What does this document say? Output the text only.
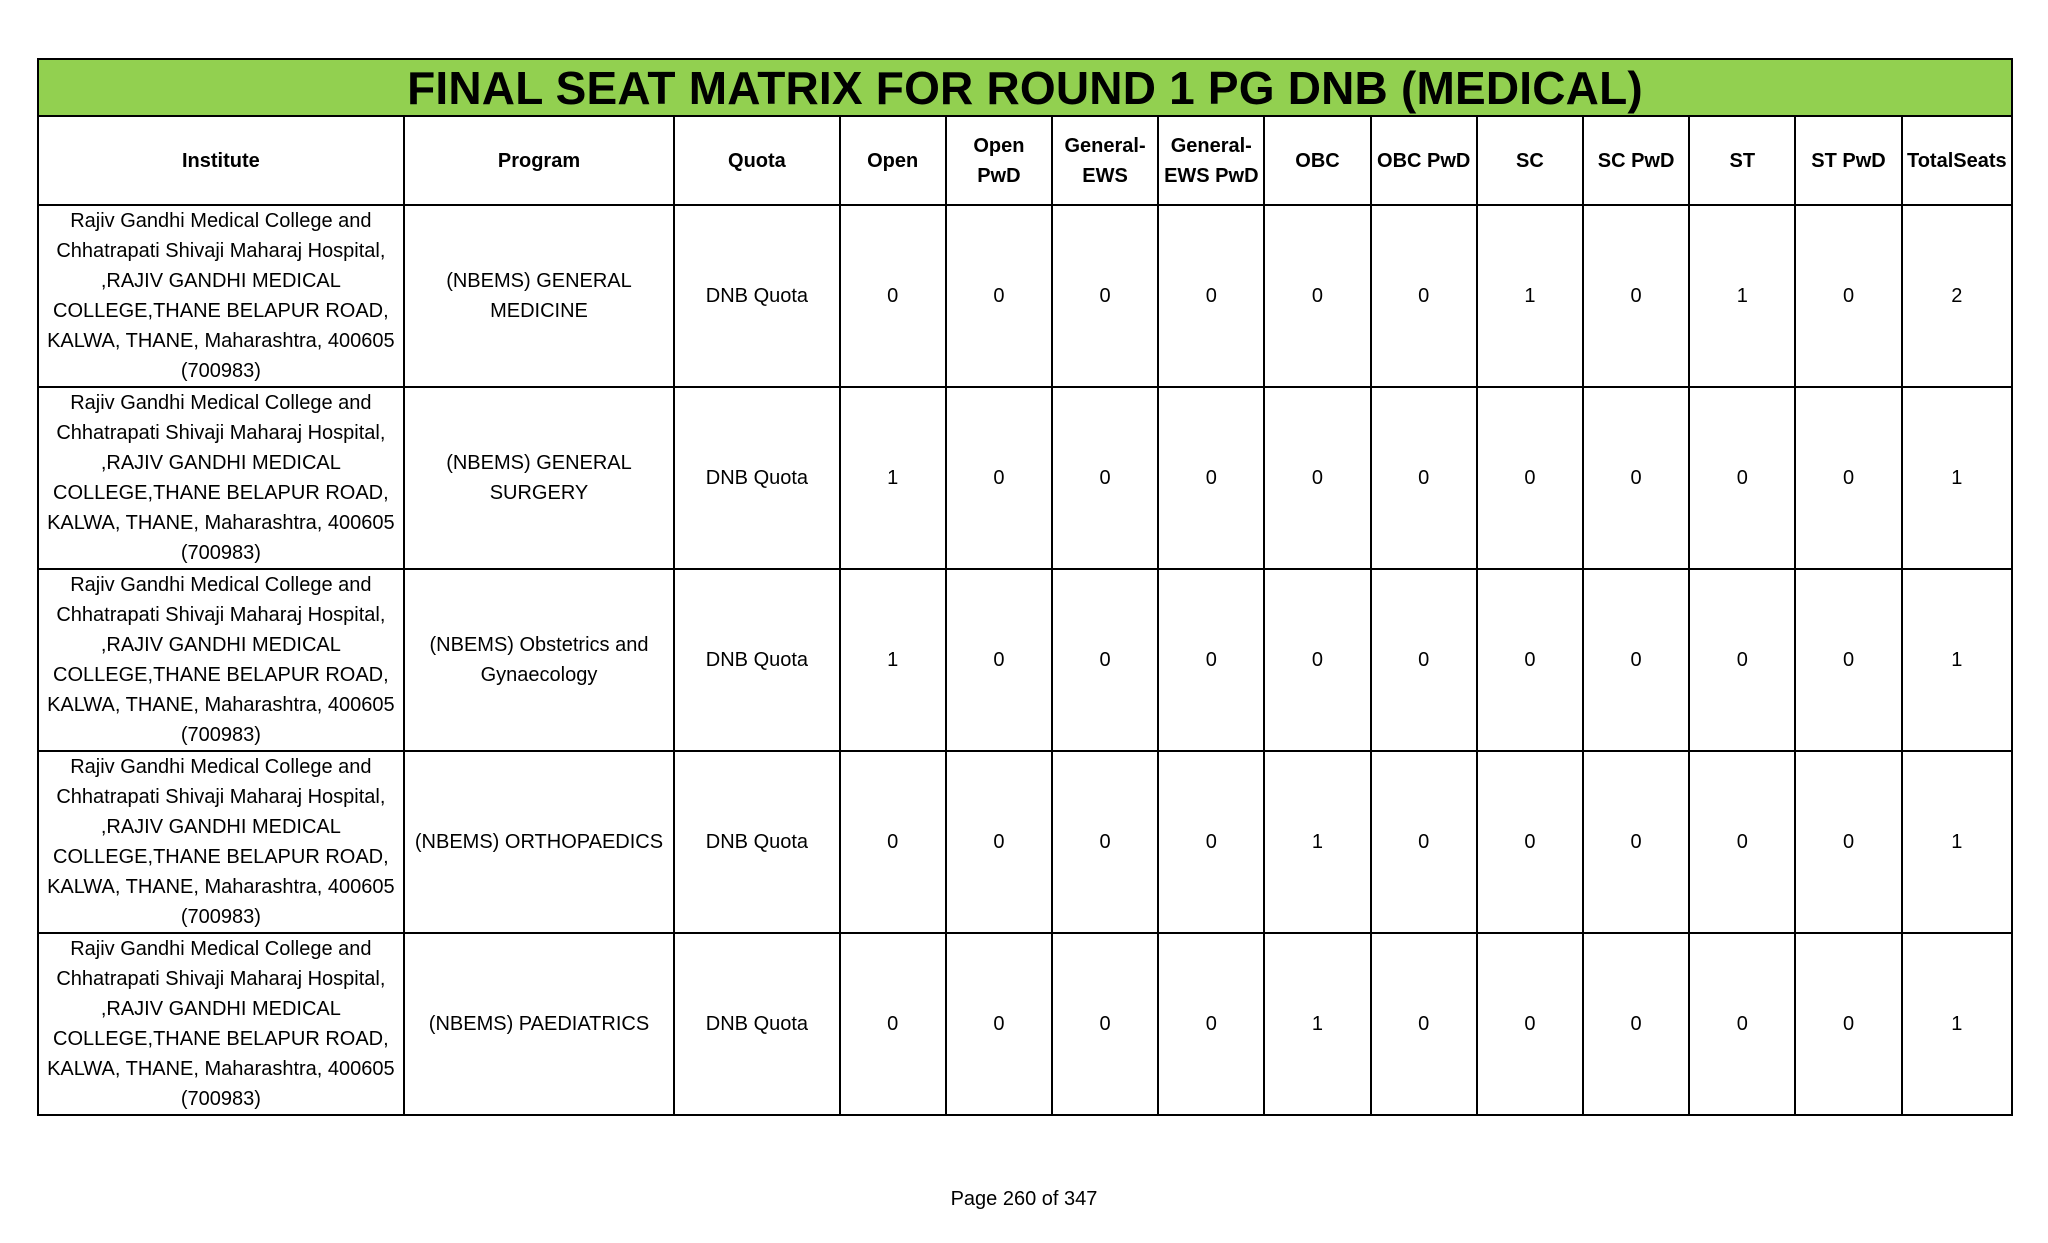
FINAL SEAT MATRIX FOR ROUND 1 PG DNB (MEDICAL)													
Institute	Program	Quota	Open	Open PwD	General-EWS	General-EWS PwD	OBC	OBC PwD	SC	SC PwD	ST	ST PwD	TotalSeats
Rajiv Gandhi Medical College and Chhatrapati Shivaji Maharaj Hospital, ,RAJIV GANDHI MEDICAL COLLEGE,THANE BELAPUR ROAD, KALWA, THANE, Maharashtra, 400605 (700983)	(NBEMS) GENERAL MEDICINE	DNB Quota	0	0	0	0	0	0	1	0	1	0	2
Rajiv Gandhi Medical College and Chhatrapati Shivaji Maharaj Hospital, ,RAJIV GANDHI MEDICAL COLLEGE,THANE BELAPUR ROAD, KALWA, THANE, Maharashtra, 400605 (700983)	(NBEMS) GENERAL SURGERY	DNB Quota	1	0	0	0	0	0	0	0	0	0	1
Rajiv Gandhi Medical College and Chhatrapati Shivaji Maharaj Hospital, ,RAJIV GANDHI MEDICAL COLLEGE,THANE BELAPUR ROAD, KALWA, THANE, Maharashtra, 400605 (700983)	(NBEMS) Obstetrics and Gynaecology	DNB Quota	1	0	0	0	0	0	0	0	0	0	1
Rajiv Gandhi Medical College and Chhatrapati Shivaji Maharaj Hospital, ,RAJIV GANDHI MEDICAL COLLEGE,THANE BELAPUR ROAD, KALWA, THANE, Maharashtra, 400605 (700983)	(NBEMS) ORTHOPAEDICS	DNB Quota	0	0	0	0	1	0	0	0	0	0	1
Rajiv Gandhi Medical College and Chhatrapati Shivaji Maharaj Hospital, ,RAJIV GANDHI MEDICAL COLLEGE,THANE BELAPUR ROAD, KALWA, THANE, Maharashtra, 400605 (700983)	(NBEMS) PAEDIATRICS	DNB Quota	0	0	0	0	1	0	0	0	0	0	1
Page 260 of 347
